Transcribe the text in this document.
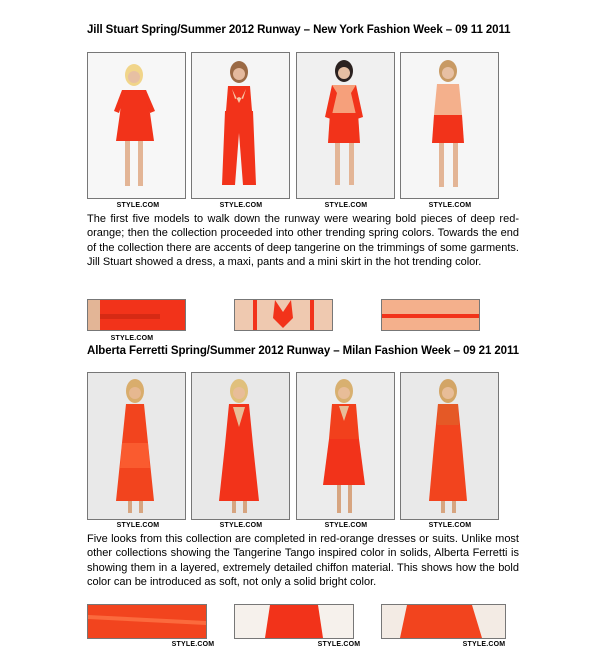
Jill Stuart Spring/Summer 2012 Runway – New York Fashion Week – 09 11 2011
STYLE.COM	STYLE.COM	STYLE.COM	STYLE.COM

The first five models to walk down the runway were wearing bold pieces of deep red-orange; then the collection proceeded into other trending spring colors. Towards the end of the collection there are accents of deep tangerine on the trimmings of some garments. Jill Stuart showed a dress, a maxi, pants and a mini skirt in the hot trending color.

STYLE.COM
Alberta Ferretti Spring/Summer 2012 Runway – Milan Fashion Week – 09 21 2011
STYLE.COM	STYLE.COM	STYLE.COM	STYLE.COM

Five looks from this collection are completed in red-orange dresses or suits. Unlike most other collections showing the Tangerine Tango inspired color in solids, Alberta Ferretti is showing them in a layered, extremely detailed chiffon material. This shows how the bold color can be introduced as soft, not only a solid bright color.

STYLE.COM	STYLE.COM	STYLE.COM
